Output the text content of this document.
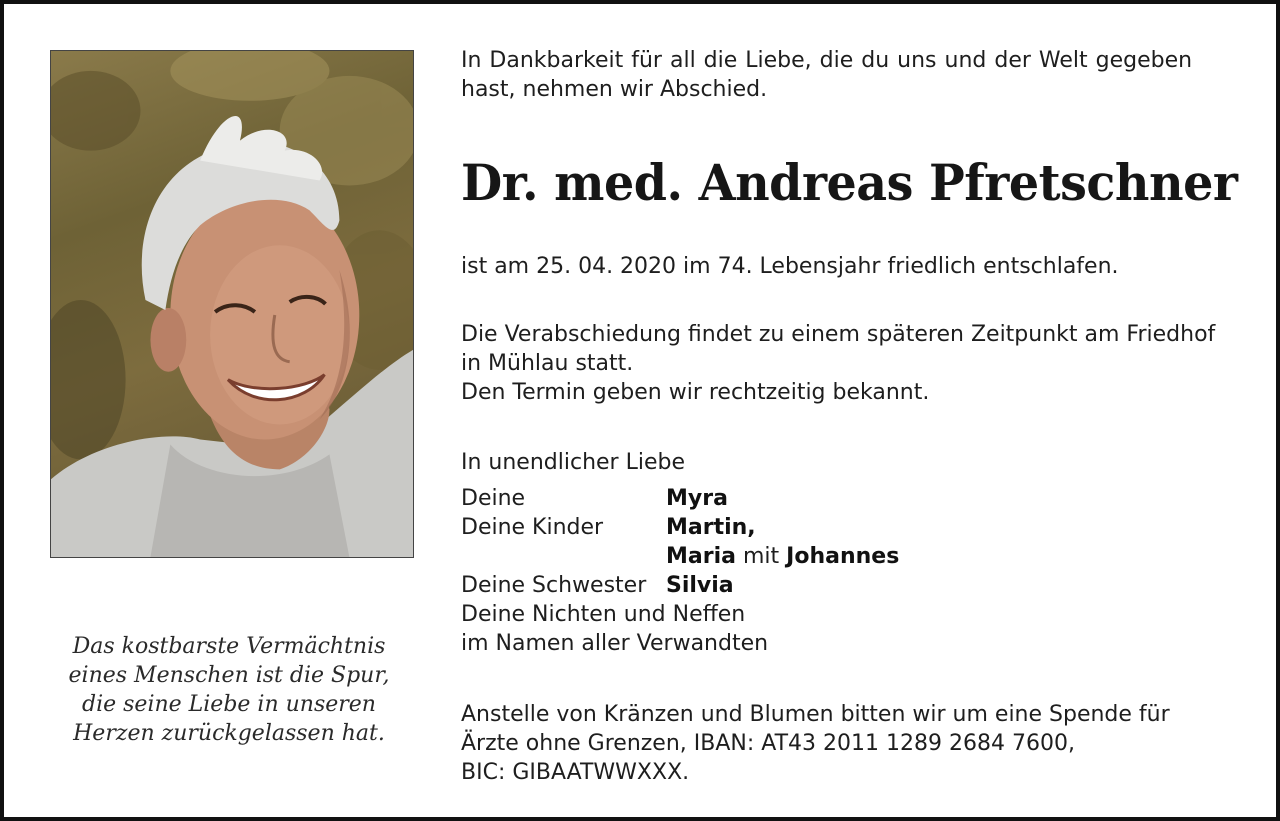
Das kostbarste Vermächtnis
eines Menschen ist die Spur,
die seine Liebe in unseren
Herzen zurückgelassen hat.
In Dankbarkeit für all die Liebe, die du uns und der Welt gegeben
hast, nehmen wir Abschied.
Dr. med. Andreas Pfretschner
ist am 25. 04. 2020 im 74. Lebensjahr friedlich entschlafen.
Die Verabschiedung findet zu einem späteren Zeitpunkt am Friedhof
in Mühlau statt.
Den Termin geben wir rechtzeitig bekannt.
In unendlicher Liebe
Deine	Myra
Deine Kinder	Martin,
Maria mit Johannes
Deine Schwester Silvia
Deine Nichten und Neffen
im Namen aller Verwandten
Anstelle von Kränzen und Blumen bitten wir um eine Spende für
Ärzte ohne Grenzen, IBAN: AT43 2011 1289 2684 7600,
BIC: GIBAATWWXXX.
